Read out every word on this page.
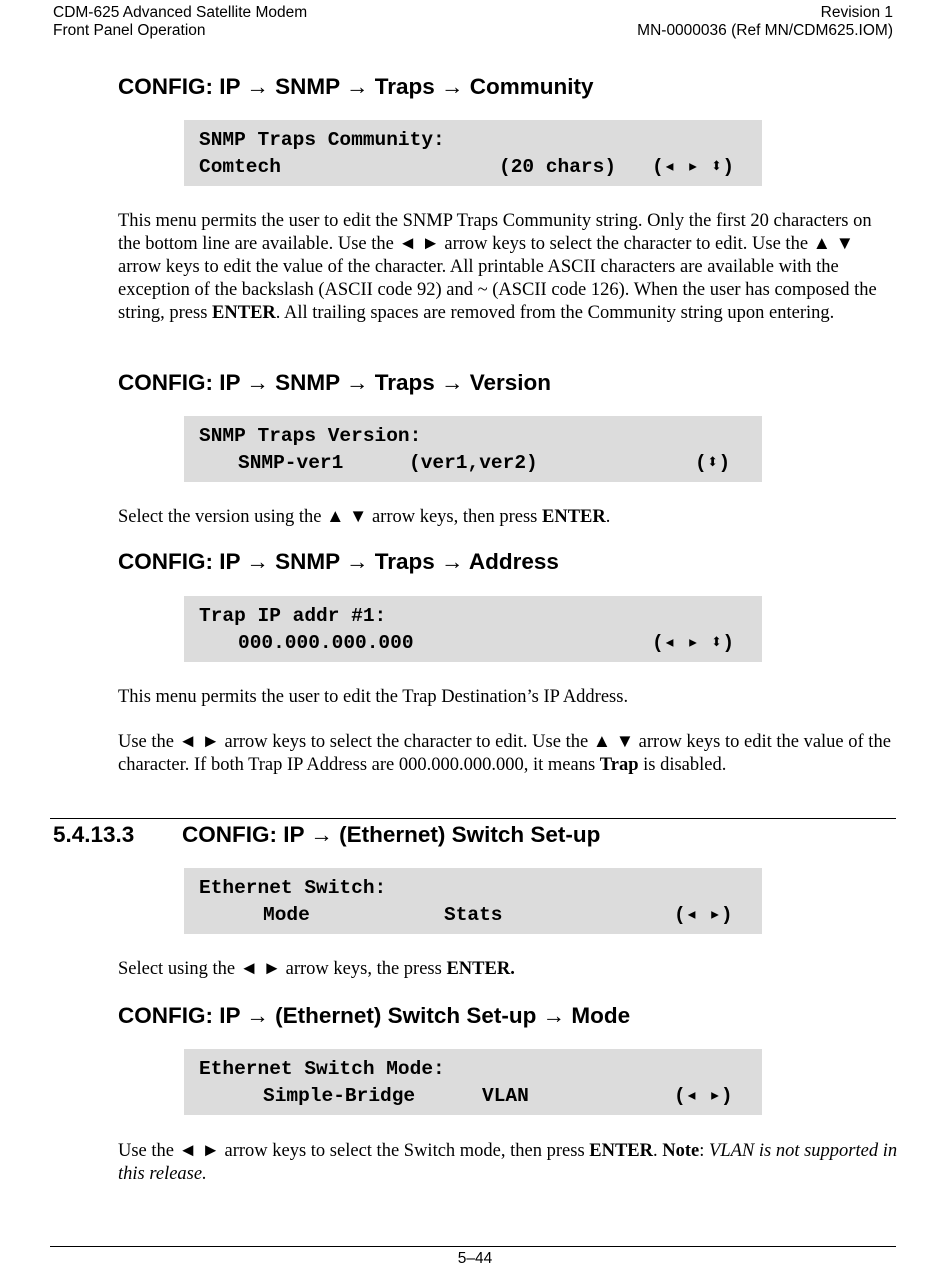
CDM-625 Advanced Satellite Modem
Front Panel Operation
Revision 1
MN-0000036 (Ref MN/CDM625.IOM)
CONFIG: IP → SNMP → Traps → Community
SNMP Traps Community:
Comtech	(20 chars) (◂ ▸ ⬍)
This menu permits the user to edit the SNMP Traps Community string. Only the first 20 characters on the bottom line are available. Use the ◄ ► arrow keys to select the character to edit. Use the ▲ ▼ arrow keys to edit the value of the character. All printable ASCII characters are available with the exception of the backslash (ASCII code 92) and ~ (ASCII code 126). When the user has composed the string, press ENTER. All trailing spaces are removed from the Community string upon entering.
CONFIG: IP → SNMP → Traps → Version
SNMP Traps Version:
SNMP-ver1	(ver1,ver2)	(⬍)
Select the version using the ▲ ▼ arrow keys, then press ENTER.
CONFIG: IP → SNMP → Traps → Address
Trap IP addr #1:
000.000.000.000	(◂ ▸ ⬍)
This menu permits the user to edit the Trap Destination’s IP Address.
Use the ◄ ► arrow keys to select the character to edit. Use the ▲ ▼ arrow keys to edit the value of the character. If both Trap IP Address are 000.000.000.000, it means Trap is disabled.
5.4.13.3 CONFIG: IP → (Ethernet) Switch Set-up
Ethernet Switch:
Mode	Stats	(◂ ▸)
Select using the ◄ ► arrow keys, the press ENTER.
CONFIG: IP → (Ethernet) Switch Set-up → Mode
Ethernet Switch Mode:
Simple-Bridge	VLAN	(◂ ▸)
Use the ◄ ► arrow keys to select the Switch mode, then press ENTER. Note: VLAN is not supported in this release.
5–44
